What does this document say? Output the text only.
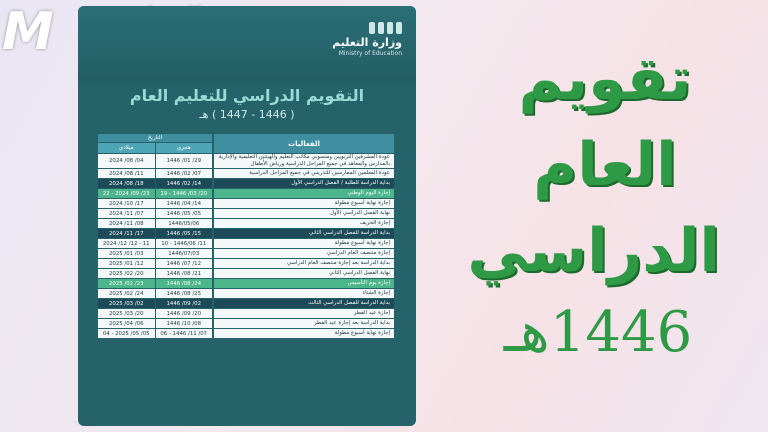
M	وزارة التعليم
Ministry of Education
التقويم الدراسي للتعليم العام
( 1446 - 1447 ) هـ
الفعاليات
التاريخ
هجري
ميلادي
عودة المشرفين التربويين ومنسوبي مكاتب التعليم والهيئتين التعليمية والإدارية بالمدارس والمعاهد في جميع المراحل الدراسية ورياض الأطفال
1446 /01 /29
2024 /08 /04
عودة المعلمين الممارسين للتدريس في جميع المراحل الدراسية
1446 /02 /07
2024 /08 /11
بداية الدراسة للطلبة / الفصل الدراسي الأول
1446 /02 /14
2024 /08 /18
إجازة اليوم الوطني
19 - 1446 /03 /20
22 - 2024 /09 /23
إجازة نهاية أسبوع مطولة
1446 /04 /14
2024 /10 /17
نهاية الفصل الدراسي الأول
1446 /05 /05
2024 /11 /07
إجازة الخريف
1446/05/06
2024 /11 /08
بداية الدراسة للفصل الدراسي الثاني
1446 /05 /15
2024 /11 /17
إجازة نهاية أسبوع مطولة
10 - 1446/06 /11
2024 /12 /12 - 11
إجازة منتصف العام الدراسي
1446/07/03
2025 /01 /03
بداية الدراسة بعد إجازة منتصف العام الدراسي
1446 /07 /12
2025 /01 /12
نهاية الفصل الدراسي الثاني
1446 /08 /21
2025 /02 /20
إجازة يوم التأسيس
1446 /08 /24
2025 /02 /23
إجازة الشتاء
1446 /08 /25
2025 /02 /24
بداية الدراسة للفصل الدراسي الثالث
1446 /09 /02
2025 /03 /02
إجازة عيد الفطر
1446 /09 /20
2025 /03 /20
بداية الدراسة بعد إجازة عيد الفطر
1446 /10 /08
2025 /04 /06
إجازة نهاية أسبوع مطولة
06 - 1446 /11 /07
04 - 2025 /05 /05
تقويم
العام
الدراسي
1446هـ
